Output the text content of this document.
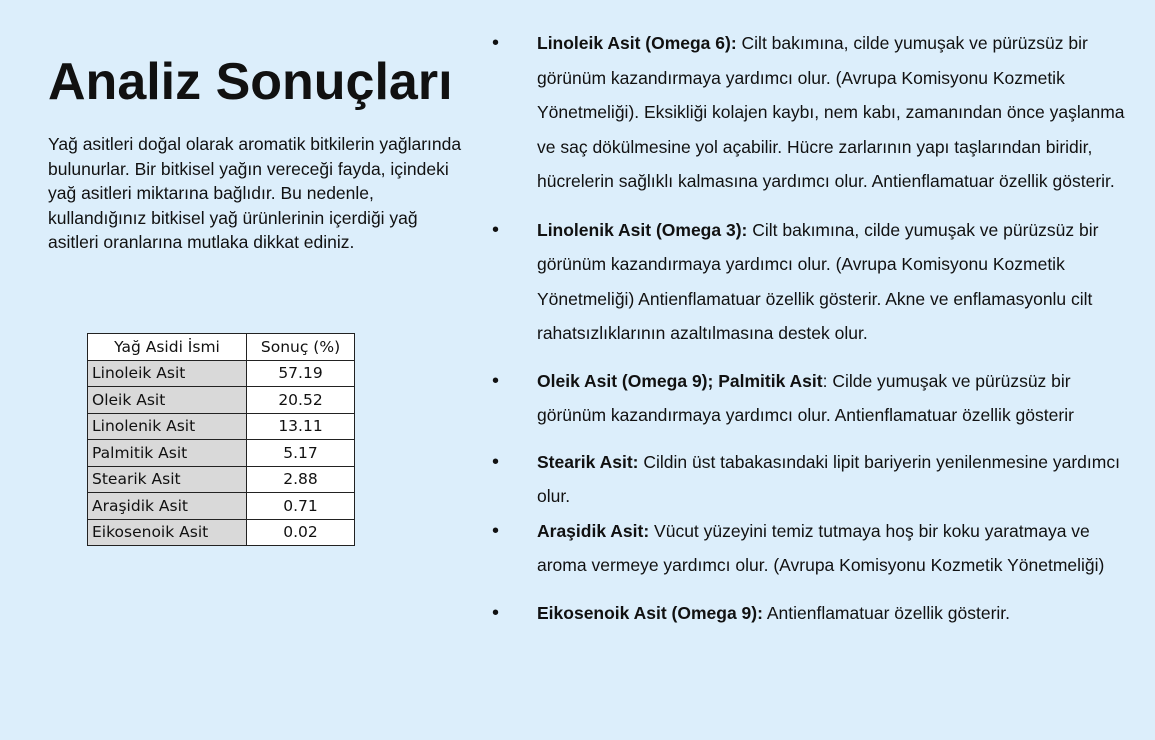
Analiz Sonuçları

Yağ asitleri doğal olarak aromatik bitkilerin yağlarında bulunurlar. Bir bitkisel yağın vereceği fayda, içindeki yağ asitleri miktarına bağlıdır. Bu nedenle, kullandığınız bitkisel yağ ürünlerinin içerdiği yağ asitleri oranlarına mutlaka dikkat ediniz.

Yağ Asidi İsmi	Sonuç (%)
Linoleik Asit	57.19
Oleik Asit	20.52
Linolenik Asit	13.11
Palmitik Asit	5.17
Stearik Asit	2.88
Araşidik Asit	0.71
Eikosenoik Asit	0.02
• Linoleik Asit (Omega 6): Cilt bakımına, cilde yumuşak ve pürüzsüz bir görünüm kazandırmaya yardımcı olur. (Avrupa Komisyonu Kozmetik Yönetmeliği). Eksikliği kolajen kaybı, nem kabı, zamanından önce yaşlanma ve saç dökülmesine yol açabilir. Hücre zarlarının yapı taşlarından biridir, hücrelerin sağlıklı kalmasına yardımcı olur. Antienflamatuar özellik gösterir.
• Linolenik Asit (Omega 3): Cilt bakımına, cilde yumuşak ve pürüzsüz bir görünüm kazandırmaya yardımcı olur. (Avrupa Komisyonu Kozmetik Yönetmeliği) Antienflamatuar özellik gösterir. Akne ve enflamasyonlu cilt rahatsızlıklarının azaltılmasına destek olur.
• Oleik Asit (Omega 9); Palmitik Asit: Cilde yumuşak ve pürüzsüz bir görünüm kazandırmaya yardımcı olur. Antienflamatuar özellik gösterir
• Stearik Asit: Cildin üst tabakasındaki lipit bariyerin yenilenmesine yardımcı olur.
• Araşidik Asit: Vücut yüzeyini temiz tutmaya hoş bir koku yaratmaya ve aroma vermeye yardımcı olur. (Avrupa Komisyonu Kozmetik Yönetmeliği)
• Eikosenoik Asit (Omega 9): Antienflamatuar özellik gösterir.
